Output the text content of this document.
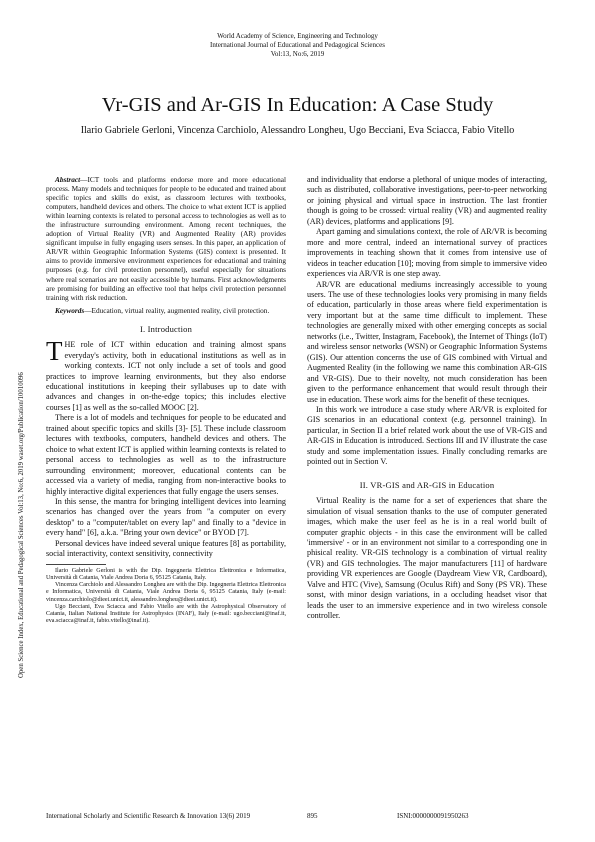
World Academy of Science, Engineering and Technology
International Journal of Educational and Pedagogical Sciences
Vol:13, No:6, 2019
Vr-GIS and Ar-GIS In Education: A Case Study
Ilario Gabriele Gerloni, Vincenza Carchiolo, Alessandro Longheu, Ugo Becciani, Eva Sciacca, Fabio Vitello
Open Science Index, Educational and Pedagogical Sciences Vol:13, No:6, 2019 waset.org/Publication/10010096

Abstract—ICT tools and platforms endorse more and more educational process. Many models and techniques for people to be educated and trained about specific topics and skills do exist, as classroom lectures with textbooks, computers, handheld devices and others. The choice to what extent ICT is applied within learning contexts is related to personal access to technologies as well as to the infrastructure surrounding environment. Among recent techniques, the adoption of Virtual Reality (VR) and Augmented Reality (AR) provides significant impulse in fully engaging users senses. In this paper, an application of AR/VR within Geographic Information Systems (GIS) context is presented. It aims to provide immersive environment experiences for educational and training purposes (e.g. for civil protection personnel), useful especially for situations where real scenarios are not easily accessible by humans. First acknowledgments are promising for building an effective tool that helps civil protection personnel training with risk reduction.

Keywords—Education, virtual reality, augmented reality, civil protection.

I. Introduction

THE role of ICT within education and training almost spans everyday's activity, both in educational institutions as well as in working contexts. ICT not only include a set of tools and good practices to improve learning environments, but they also endorse educational institutions in keeping their syllabuses up to date with advances and changes in on-the-edge topics; this includes elective courses [1] as well as the so-called MOOC [2].

There is a lot of models and techniques for people to be educated and trained about specific topics and skills [3]- [5]. These include classroom lectures with textbooks, computers, handheld devices and others. The choice to what extent ICT is applied within learning contexts is related to personal access to technologies as well as to the infrastructure surrounding environment; moreover, educational contents can be accessed via a variety of media, ranging from non-interactive books to highly interactive digital experiences that fully engage the users senses.

In this sense, the mantra for bringing intelligent devices into learning scenarios has changed over the years from "a computer on every desktop" to a "computer/tablet on every lap" and finally to a "device in every hand" [6], a.k.a. "Bring your own device" or BYOD [7].

Personal devices have indeed several unique features [8] as portability, social interactivity, context sensitivity, connectivity

Ilario Gabriele Gerloni is with the Dip. Ingegneria Elettrica Elettronica e Informatica, Università di Catania, Viale Andrea Doria 6, 95125 Catania, Italy.

Vincenza Carchiolo and Alessandro Longheu are with the Dip. Ingegneria Elettrica Elettronica e Informatica, Università di Catania, Viale Andrea Doria 6, 95125 Catania, Italy (e-mail: vincenza.carchiolo@dieei.unict.it, alessandro.longheu@dieei.unict.it).

Ugo Becciani, Eva Sciacca and Fabio Vitello are with the Astrophysical Observatory of Catania, Italian National Institute for Astrophysics (INAF), Italy (e-mail: ugo.becciani@inaf.it, eva.sciacca@inaf.it, fabio.vitello@inaf.it).

and individuality that endorse a plethoral of unique modes of interacting, such as distributed, collaborative investigations, peer-to-peer networking or joining physical and virtual space in instruction. The last frontier though is going to be crossed: virtual reality (VR) and augmented reality (AR) devices, platforms and applications [9].

Apart gaming and simulations context, the role of AR/VR is becoming more and more central, indeed an international survey of practices improvements in teaching shown that it comes from intensive use of videos in teacher education [10]; moving from simple to immersive video experiences via AR/VR is one step away.

AR/VR are educational mediums increasingly accessible to young users. The use of these technologies looks very promising in many fields of education, particularly in those areas where field experimentation is very important but at the same time difficult to implement. These technologies are generally mixed with other emerging concepts as social networks (i.e., Twitter, Instagram, Facebook), the Internet of Things (IoT) and wireless sensor networks (WSN) or Geographic Information Systems (GIS). Our attention concerns the use of GIS combined with Virtual and Augmented Reality (in the following we name this combination AR-GIS and VR-GIS). Due to their novelty, not much consideration has been given to the performance enhancement that would result through their use in education. These work aims for the benefit of these tecniques.

In this work we introduce a case study where AR/VR is exploited for GIS scenarios in an educational context (e.g. personnel training). In particular, in Section II a brief related work about the use of VR-GIS and AR-GIS in Education is introduced. Sections III and IV illustrate the case study and some implementation issues. Finally concluding remarks are pointed out in Section V.

II. VR-GIS and AR-GIS in Education

Virtual Reality is the name for a set of experiences that share the simulation of visual sensation thanks to the use of computer generated images, which make the user feel as he is in a real world built of computer graphic objects - in this case the environment will be called 'immersive' - or in an environment not similar to a corresponding one in phisical reality. VR-GIS technology is a combination of virtual reality (VR) and GIS technologies. The major manufacturers [11] of hardware providing VR experiences are Google (Daydream View VR, Cardboard), Valve and HTC (Vive), Samsung (Oculus Rift) and Sony (PS VR). These sonst, with minor design variations, in a occluding headset visor that leads the user to an immersive experience and in two wireless console controller.

International Scholarly and Scientific Research & Innovation 13(6) 2019	895	ISNI:0000000091950263
